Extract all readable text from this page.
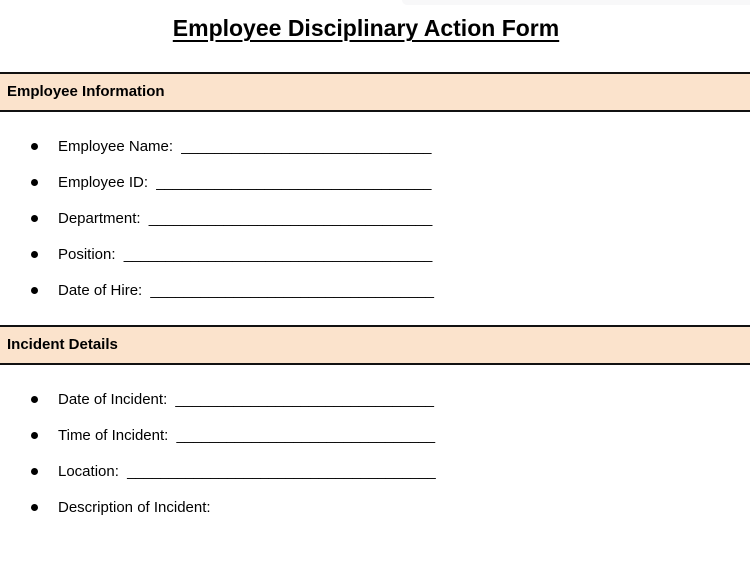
Employee Disciplinary Action Form
Employee Information
Employee Name: ______________________________
Employee ID: _________________________________
Department: __________________________________
Position: _____________________________________
Date of Hire: __________________________________
Incident Details
Date of Incident: _______________________________
Time of Incident: _______________________________
Location: _____________________________________
Description of Incident:
